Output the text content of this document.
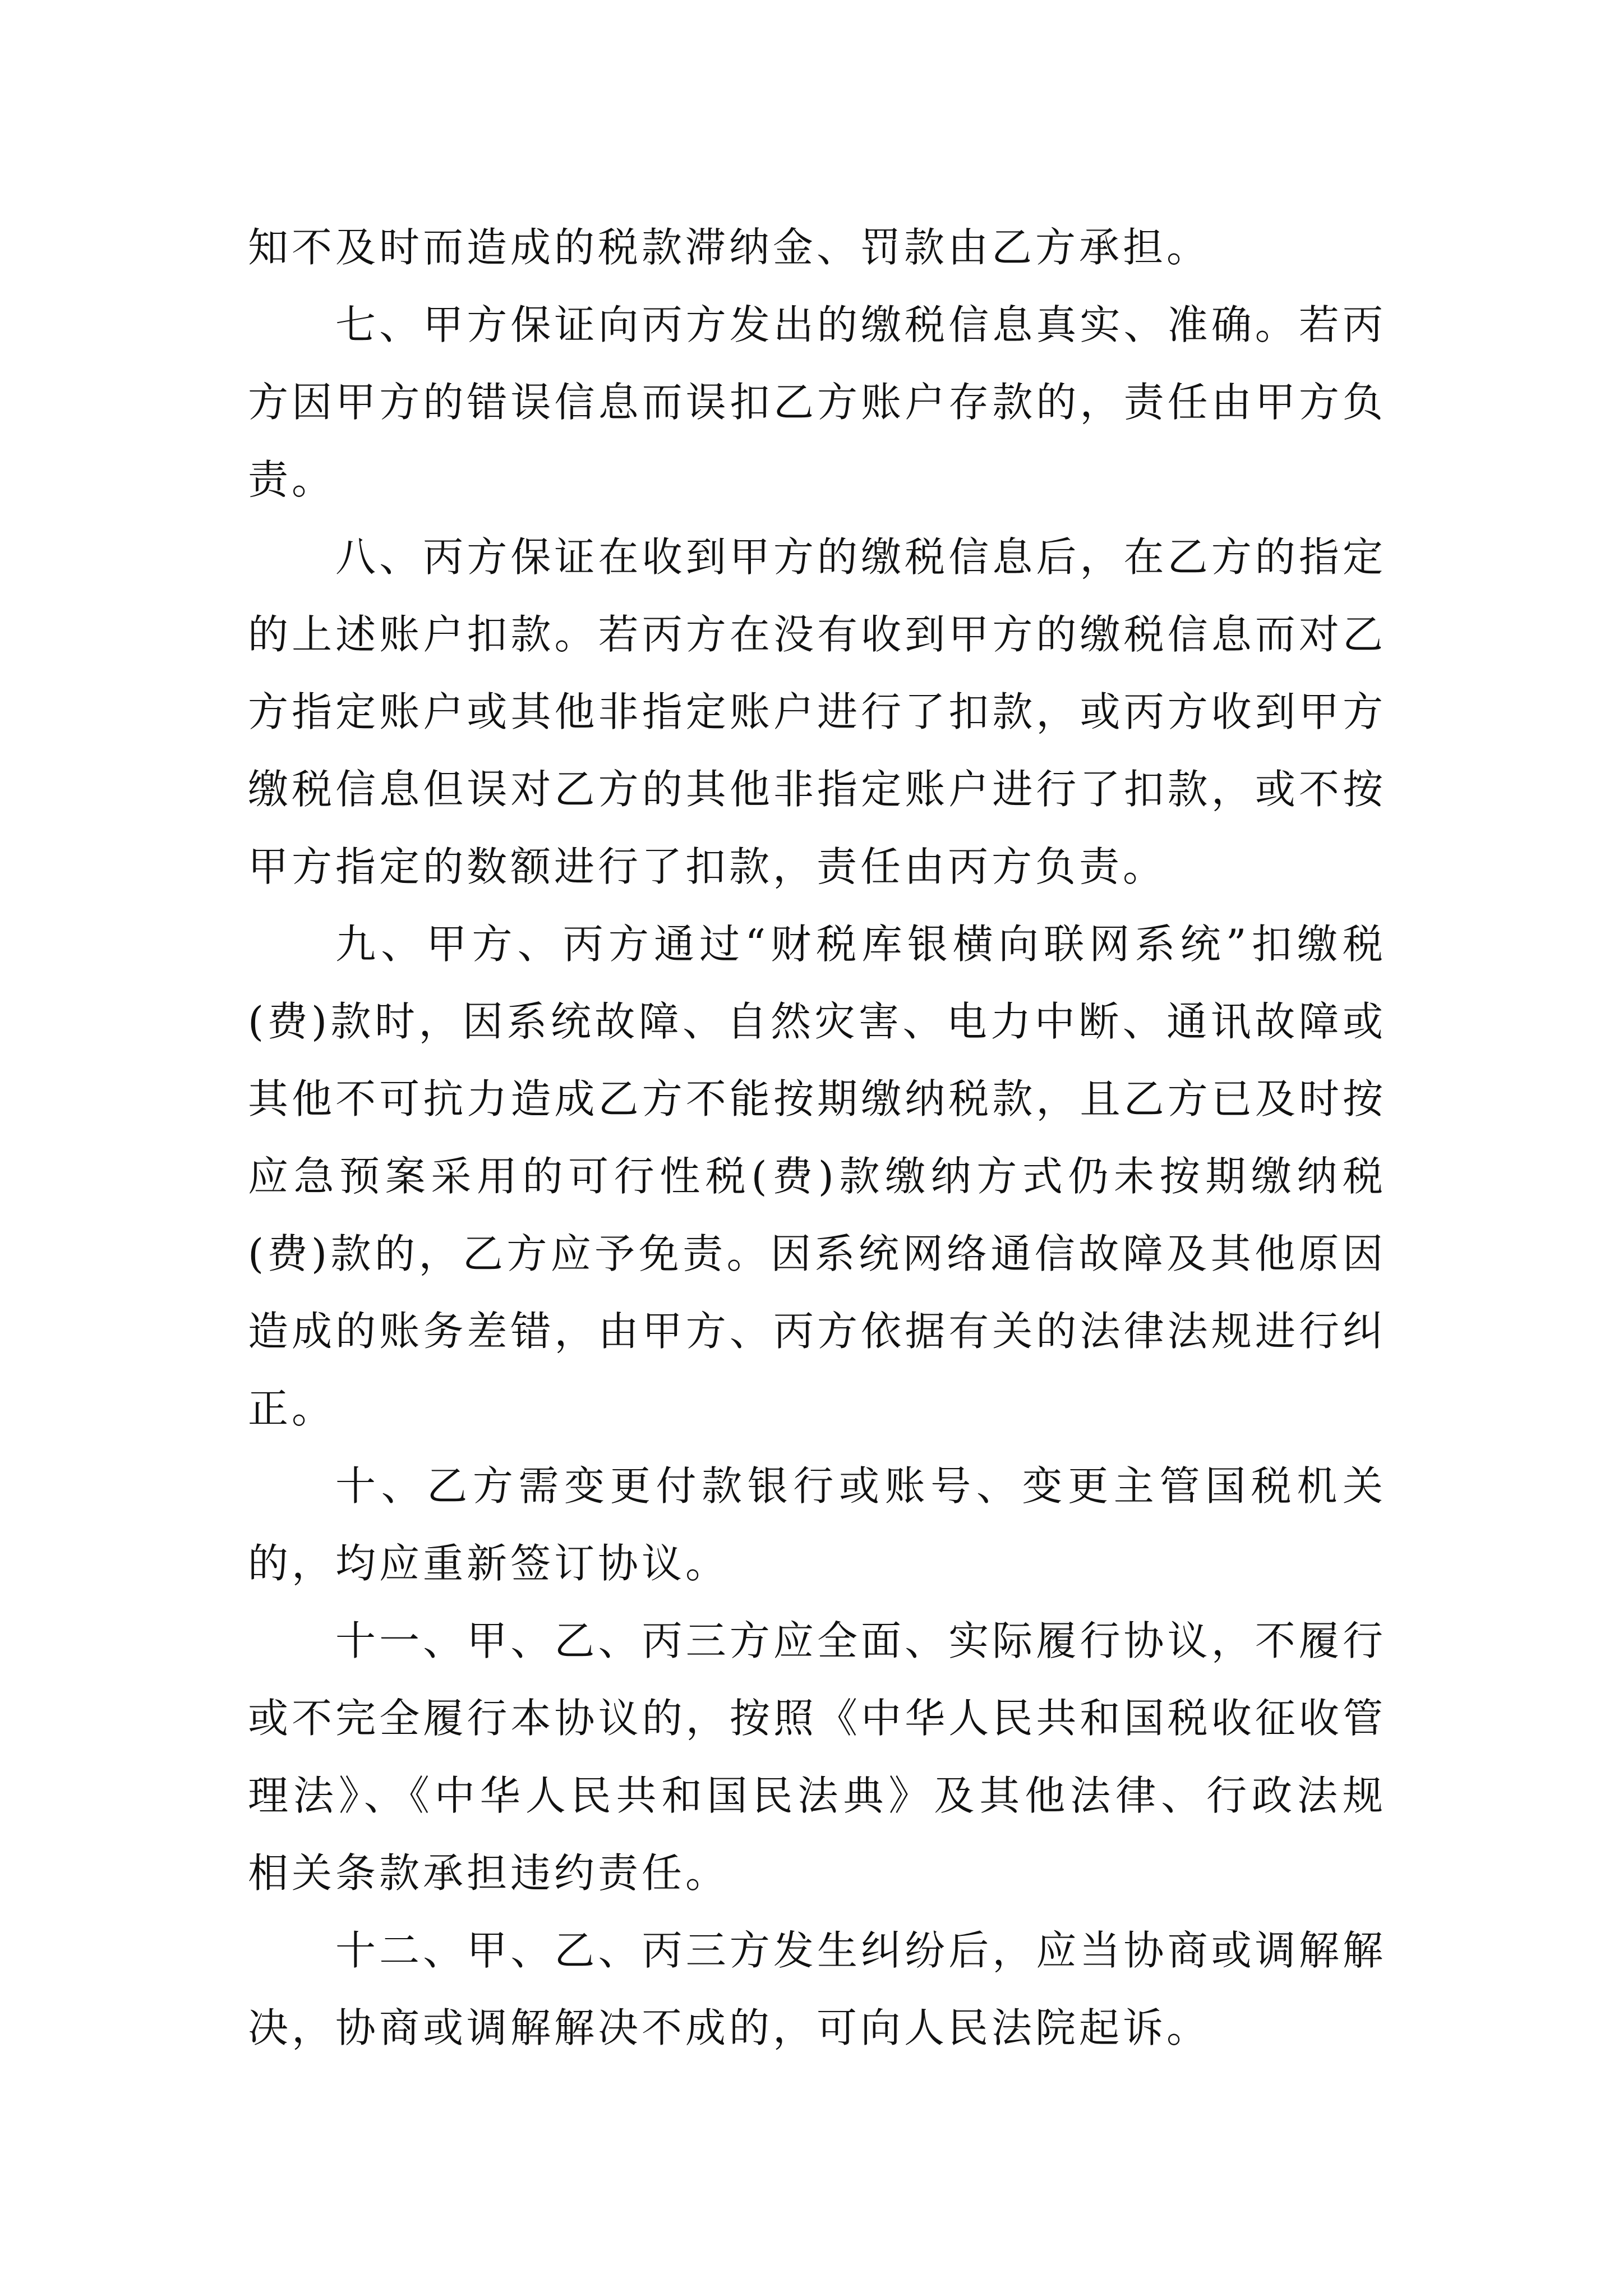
知不及时而造成的税款滞纳金、罚款由乙方承担。

七、甲方保证向丙方发出的缴税信息真实、准确。若丙方因甲方的错误信息而误扣乙方账户存款的，责任由甲方负责。

八、丙方保证在收到甲方的缴税信息后，在乙方的指定的上述账户扣款。若丙方在没有收到甲方的缴税信息而对乙方指定账户或其他非指定账户进行了扣款，或丙方收到甲方缴税信息但误对乙方的其他非指定账户进行了扣款，或不按甲方指定的数额进行了扣款，责任由丙方负责。

九、甲方、丙方通过“财税库银横向联网系统”扣缴税(费)款时，因系统故障、自然灾害、电力中断、通讯故障或其他不可抗力造成乙方不能按期缴纳税款，且乙方已及时按应急预案采用的可行性税(费)款缴纳方式仍未按期缴纳税(费)款的，乙方应予免责。因系统网络通信故障及其他原因造成的账务差错，由甲方、丙方依据有关的法律法规进行纠正。

十、乙方需变更付款银行或账号、变更主管国税机关的，均应重新签订协议。

十一、甲、乙、丙三方应全面、实际履行协议，不履行或不完全履行本协议的，按照《中华人民共和国税收征收管理法》、《中华人民共和国民法典》及其他法律、行政法规相关条款承担违约责任。

十二、甲、乙、丙三方发生纠纷后，应当协商或调解解决，协商或调解解决不成的，可向人民法院起诉。
